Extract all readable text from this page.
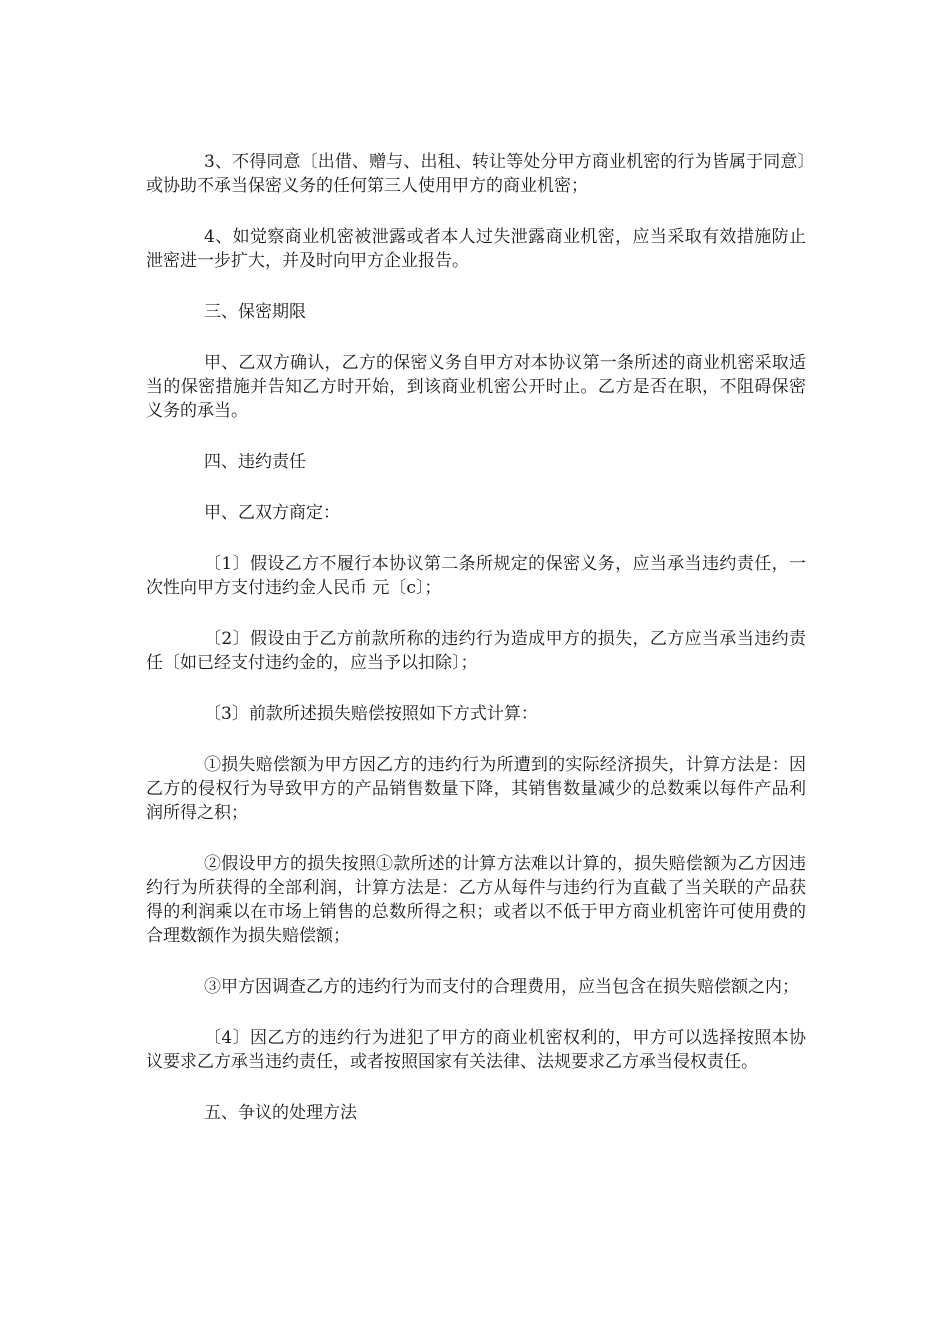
3、不得同意〔出借、赠与、出租、转让等处分甲方商业机密的行为皆属于同意〕或协助不承当保密义务的任何第三人使用甲方的商业机密；

4、如觉察商业机密被泄露或者本人过失泄露商业机密，应当采取有效措施防止泄密进一步扩大，并及时向甲方企业报告。

三、保密期限

甲、乙双方确认，乙方的保密义务自甲方对本协议第一条所述的商业机密采取适当的保密措施并告知乙方时开始，到该商业机密公开时止。乙方是否在职，不阻碍保密义务的承当。

四、违约责任

甲、乙双方商定：

〔1〕假设乙方不履行本协议第二条所规定的保密义务，应当承当违约责任，一次性向甲方支付违约金人民币 元〔c〕；

〔2〕假设由于乙方前款所称的违约行为造成甲方的损失，乙方应当承当违约责任〔如已经支付违约金的，应当予以扣除〕；

〔3〕前款所述损失赔偿按照如下方式计算：

①损失赔偿额为甲方因乙方的违约行为所遭到的实际经济损失，计算方法是：因乙方的侵权行为导致甲方的产品销售数量下降，其销售数量减少的总数乘以每件产品利润所得之积；

②假设甲方的损失按照①款所述的计算方法难以计算的，损失赔偿额为乙方因违约行为所获得的全部利润，计算方法是：乙方从每件与违约行为直截了当关联的产品获得的利润乘以在市场上销售的总数所得之积；或者以不低于甲方商业机密许可使用费的合理数额作为损失赔偿额；

③甲方因调查乙方的违约行为而支付的合理费用，应当包含在损失赔偿额之内；

〔4〕因乙方的违约行为进犯了甲方的商业机密权利的，甲方可以选择按照本协议要求乙方承当违约责任，或者按照国家有关法律、法规要求乙方承当侵权责任。

五、争议的处理方法
